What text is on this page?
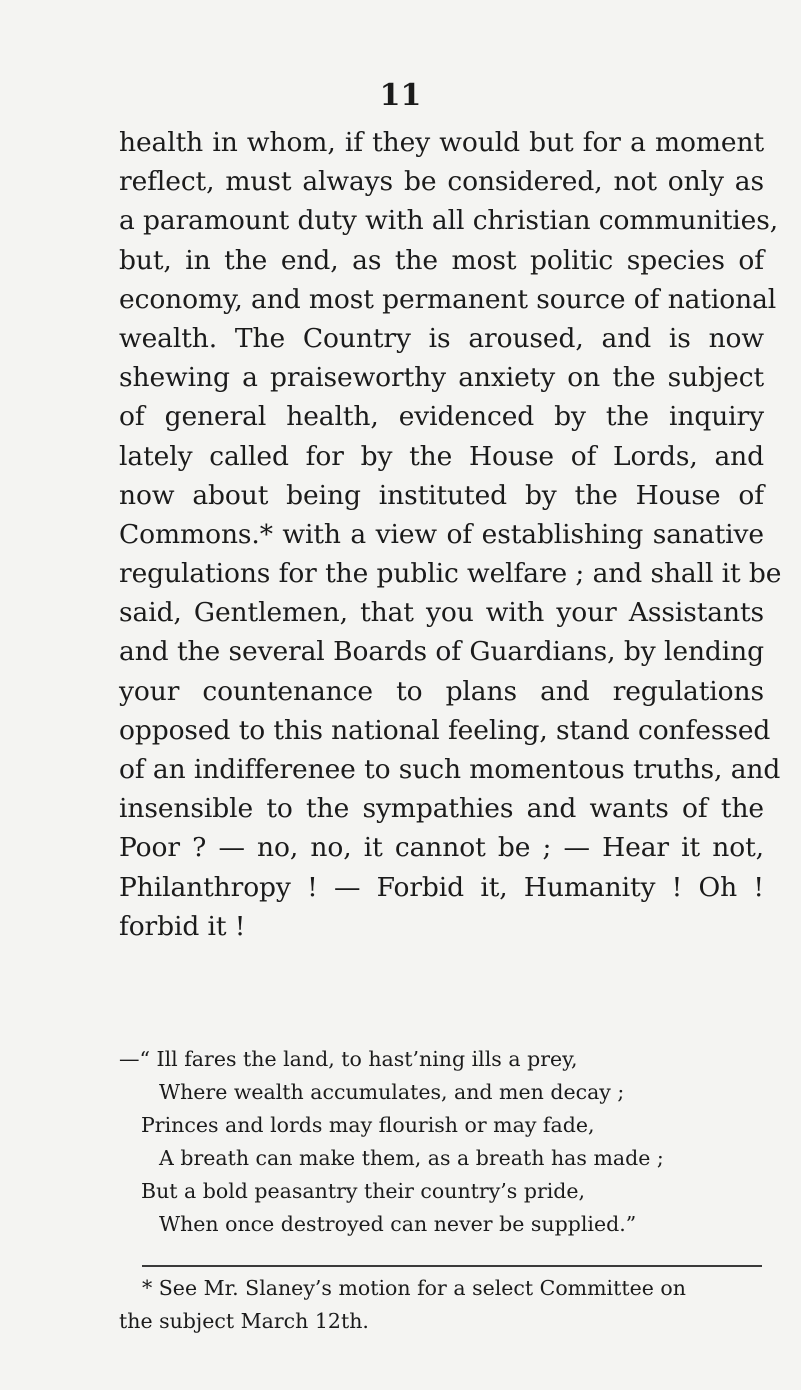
11
health in whom, if they would but for a moment
reflect, must always be considered, not only as
a paramount duty with all christian communities,
but, in the end, as the most politic species of
economy, and most permanent source of national
wealth. The Country is aroused, and is now
shewing a praiseworthy anxiety on the subject
of general health, evidenced by the inquiry
lately called for by the House of Lords, and
now about being instituted by the House of
Commons.* with a view of establishing sanative
regulations for the public welfare ; and shall it be
said, Gentlemen, that you with your Assistants
and the several Boards of Guardians, by lending
your countenance to plans and regulations
opposed to this national feeling, stand confessed
of an indifferenee to such momentous truths, and
insensible to the sympathies and wants of the
Poor ? — no, no, it cannot be ; — Hear it not,
Philanthropy ! — Forbid it, Humanity ! Oh !
forbid it !
—“ Ill fares the land, to hast’ning ills a prey,
Where wealth accumulates, and men decay ;
Princes and lords may flourish or may fade,
A breath can make them, as a breath has made ;
But a bold peasantry their country’s pride,
When once destroyed can never be supplied.”
* See Mr. Slaney’s motion for a select Committee on
the subject March 12th.
